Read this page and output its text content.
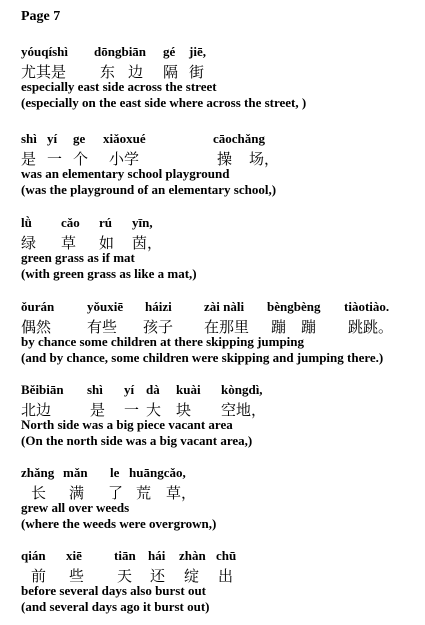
Page 7
yóuqíshì dōngbiān gé jiē,
尤其是 东 边 隔 街
especially east side across the street
(especially on the east side where across the street, )
shì yí ge xiǎoxué	cāochǎng
是 一 个 小学	操 场，
was an elementary school playground
(was the playground of an elementary school,)
lǜ cǎo rú yīn,
绿 草 如 茵，
green grass as if mat
(with green grass as like a mat,)
ǒurán	yǒuxiē háizi zài nàli bèngbèng tiàotiào.
偶然 有些 孩子 在那里 蹦 蹦 跳跳。
by chance some children at there skipping jumping
(and by chance, some children were skipping and jumping there.)
Běibiān shì yí dà kuài kòngdì,
北边	是 一 大 块 空地，
North side was a big piece vacant area
(On the north side was a big vacant area,)
zhǎng mǎn le huāngcǎo,
长 满 了 荒 草，
grew all over weeds
(where the weeds were overgrown,)
qián xiē tiān hái zhàn chū
前 些 天 还 绽 出
before several days also burst out
(and several days ago it burst out)
